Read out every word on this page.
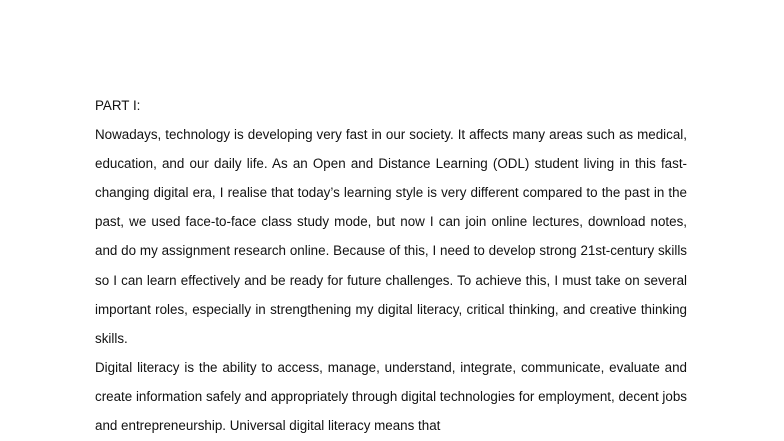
PART I:

Nowadays, technology is developing very fast in our society. It affects many areas such as medical, education, and our daily life. As an Open and Distance Learning (ODL) student living in this fast-changing digital era, I realise that today’s learning style is very different compared to the past in the past, we used face-to-face class study mode, but now I can join online lectures, download notes, and do my assignment research online. Because of this, I need to develop strong 21st-century skills so I can learn effectively and be ready for future challenges. To achieve this, I must take on several important roles, especially in strengthening my digital literacy, critical thinking, and creative thinking skills.

Digital literacy is the ability to access, manage, understand, integrate, communicate, evaluate and create information safely and appropriately through digital technologies for employment, decent jobs and entrepreneurship. Universal digital literacy means that
